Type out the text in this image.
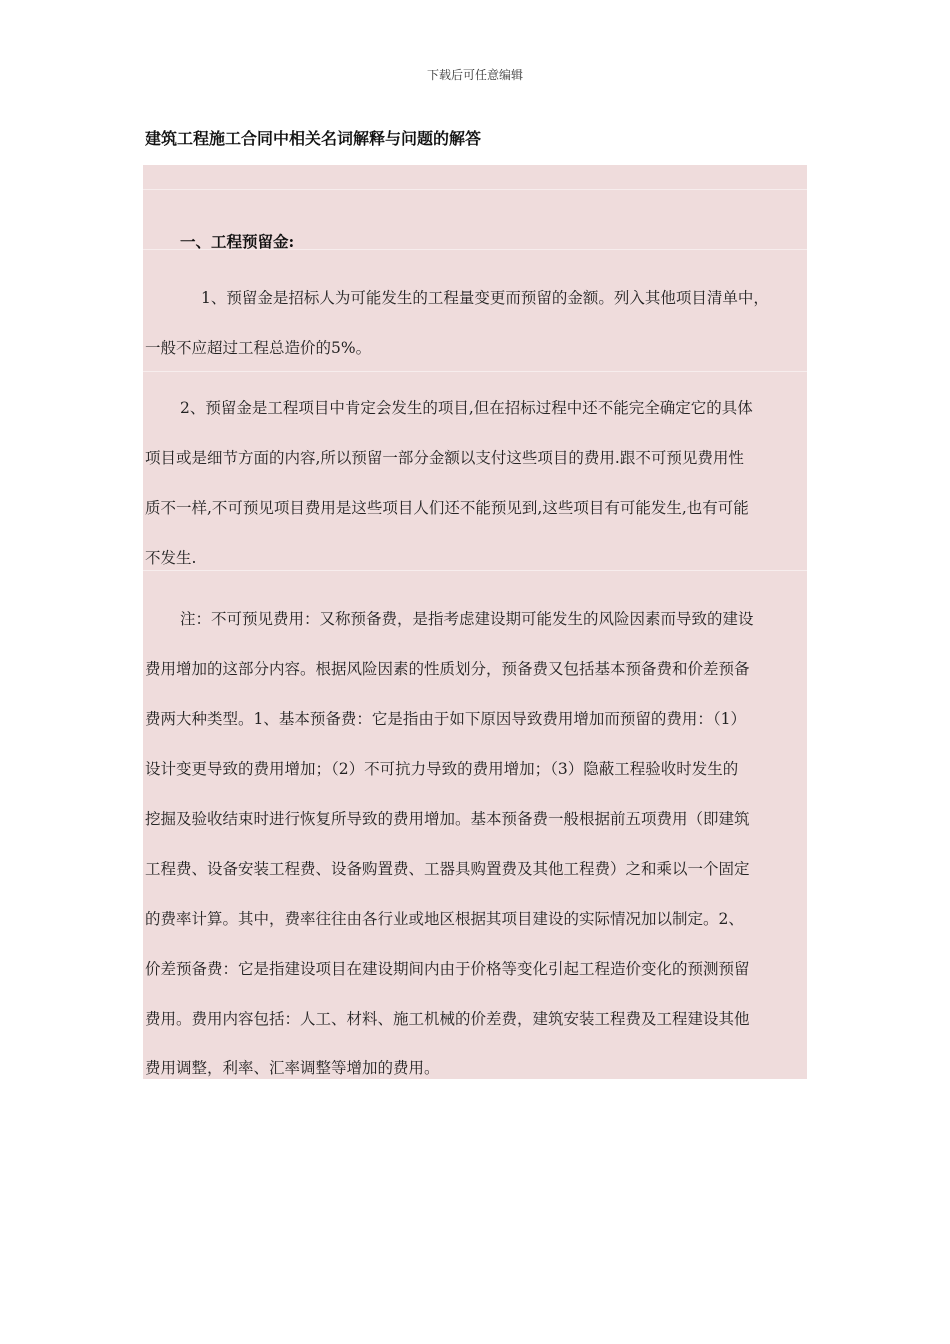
下载后可任意编辑
建筑工程施工合同中相关名词解释与问题的解答
一、工程预留金:
1、预留金是招标人为可能发生的工程量变更而预留的金额。列入其他项目清单中，
一般不应超过工程总造价的5%。
2、预留金是工程项目中肯定会发生的项目,但在招标过程中还不能完全确定它的具体
项目或是细节方面的内容,所以预留一部分金额以支付这些项目的费用.跟不可预见费用性
质不一样,不可预见项目费用是这些项目人们还不能预见到,这些项目有可能发生,也有可能
不发生.
注：不可预见费用：又称预备费，是指考虑建设期可能发生的风险因素而导致的建设
费用增加的这部分内容。根据风险因素的性质划分，预备费又包括基本预备费和价差预备
费两大种类型。1、基本预备费：它是指由于如下原因导致费用增加而预留的费用：（1）
设计变更导致的费用增加；（2）不可抗力导致的费用增加；（3）隐蔽工程验收时发生的
挖掘及验收结束时进行恢复所导致的费用增加。基本预备费一般根据前五项费用（即建筑
工程费、设备安装工程费、设备购置费、工器具购置费及其他工程费）之和乘以一个固定
的费率计算。其中，费率往往由各行业或地区根据其项目建设的实际情况加以制定。2、
价差预备费：它是指建设项目在建设期间内由于价格等变化引起工程造价变化的预测预留
费用。费用内容包括：人工、材料、施工机械的价差费，建筑安装工程费及工程建设其他
费用调整，利率、汇率调整等增加的费用。
